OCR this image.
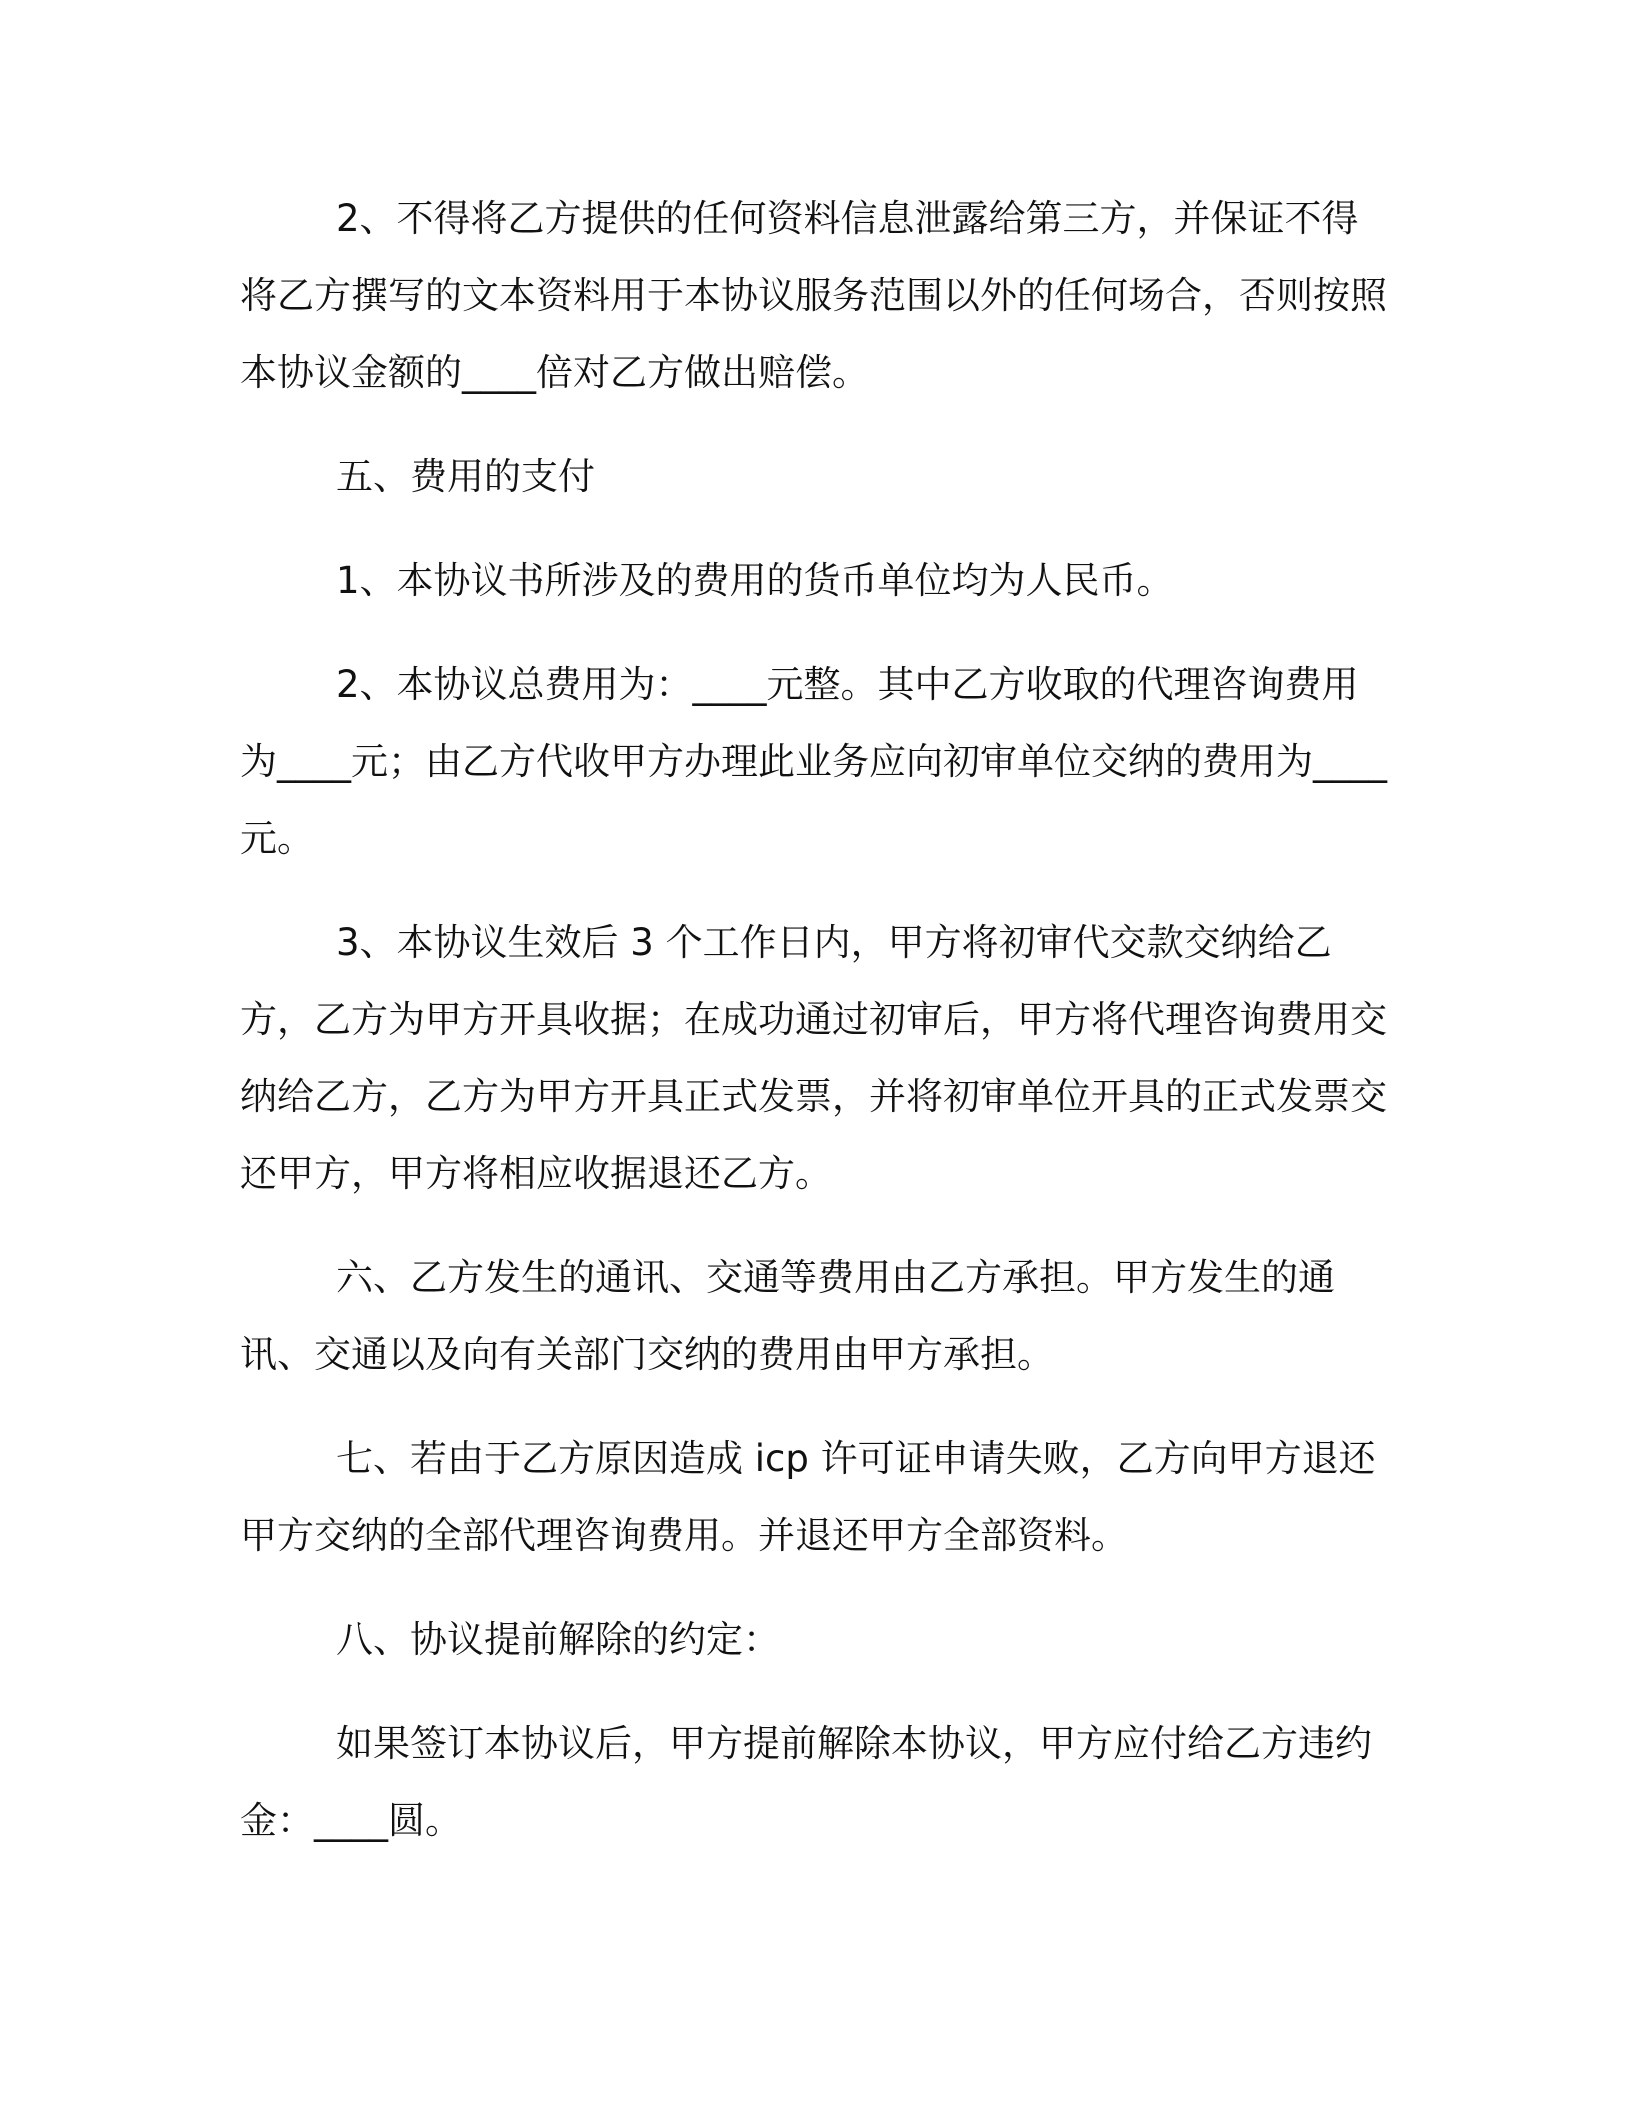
2、不得将乙方提供的任何资料信息泄露给第三方，并保证不得将乙方撰写的文本资料用于本协议服务范围以外的任何场合，否则按照本协议金额的____倍对乙方做出赔偿。

五、费用的支付

1、本协议书所涉及的费用的货币单位均为人民币。

2、本协议总费用为：____元整。其中乙方收取的代理咨询费用为____元；由乙方代收甲方办理此业务应向初审单位交纳的费用为____元。

3、本协议生效后 3 个工作日内，甲方将初审代交款交纳给乙方，乙方为甲方开具收据；在成功通过初审后，甲方将代理咨询费用交纳给乙方，乙方为甲方开具正式发票，并将初审单位开具的正式发票交还甲方，甲方将相应收据退还乙方。

六、乙方发生的通讯、交通等费用由乙方承担。甲方发生的通讯、交通以及向有关部门交纳的费用由甲方承担。

七、若由于乙方原因造成 icp 许可证申请失败，乙方向甲方退还甲方交纳的全部代理咨询费用。并退还甲方全部资料。

八、协议提前解除的约定：

如果签订本协议后，甲方提前解除本协议，甲方应付给乙方违约金：____圆。
